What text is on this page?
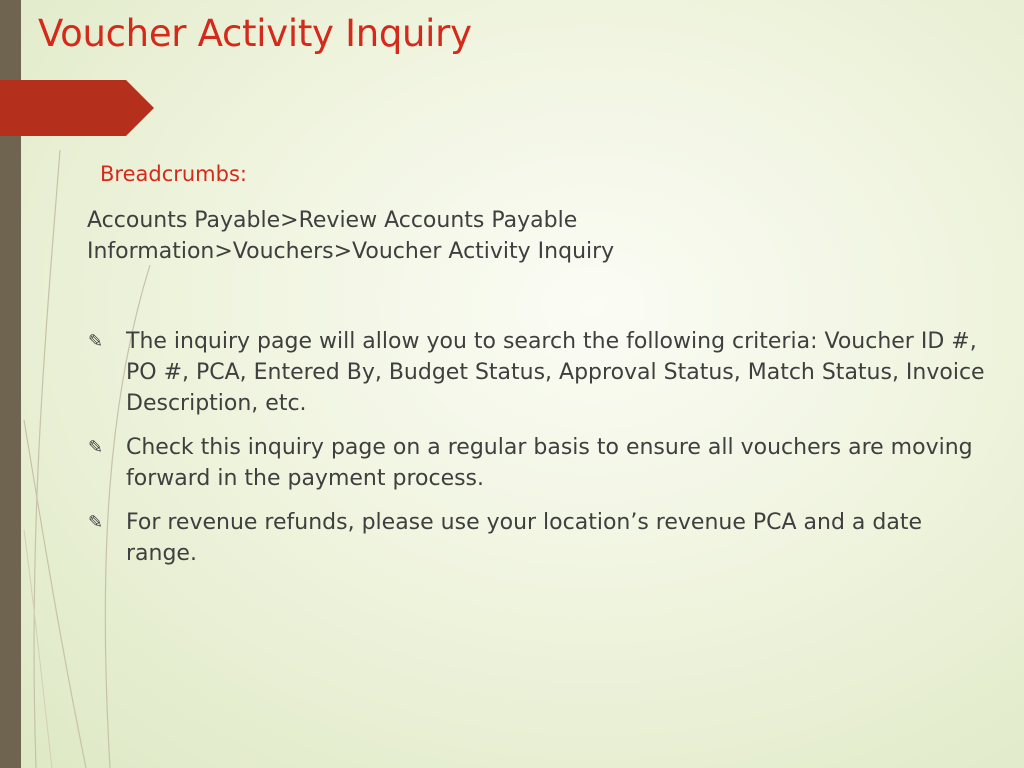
Voucher Activity Inquiry
Breadcrumbs:
Accounts Payable>Review Accounts Payable Information>Vouchers>Voucher Activity Inquiry
✎	The inquiry page will allow you to search the following criteria: Voucher ID #, PO #, PCA, Entered By, Budget Status, Approval Status, Match Status, Invoice Description, etc.
✎	Check this inquiry page on a regular basis to ensure all vouchers are moving forward in the payment process.
✎	For revenue refunds, please use your location’s revenue PCA and a date range.
